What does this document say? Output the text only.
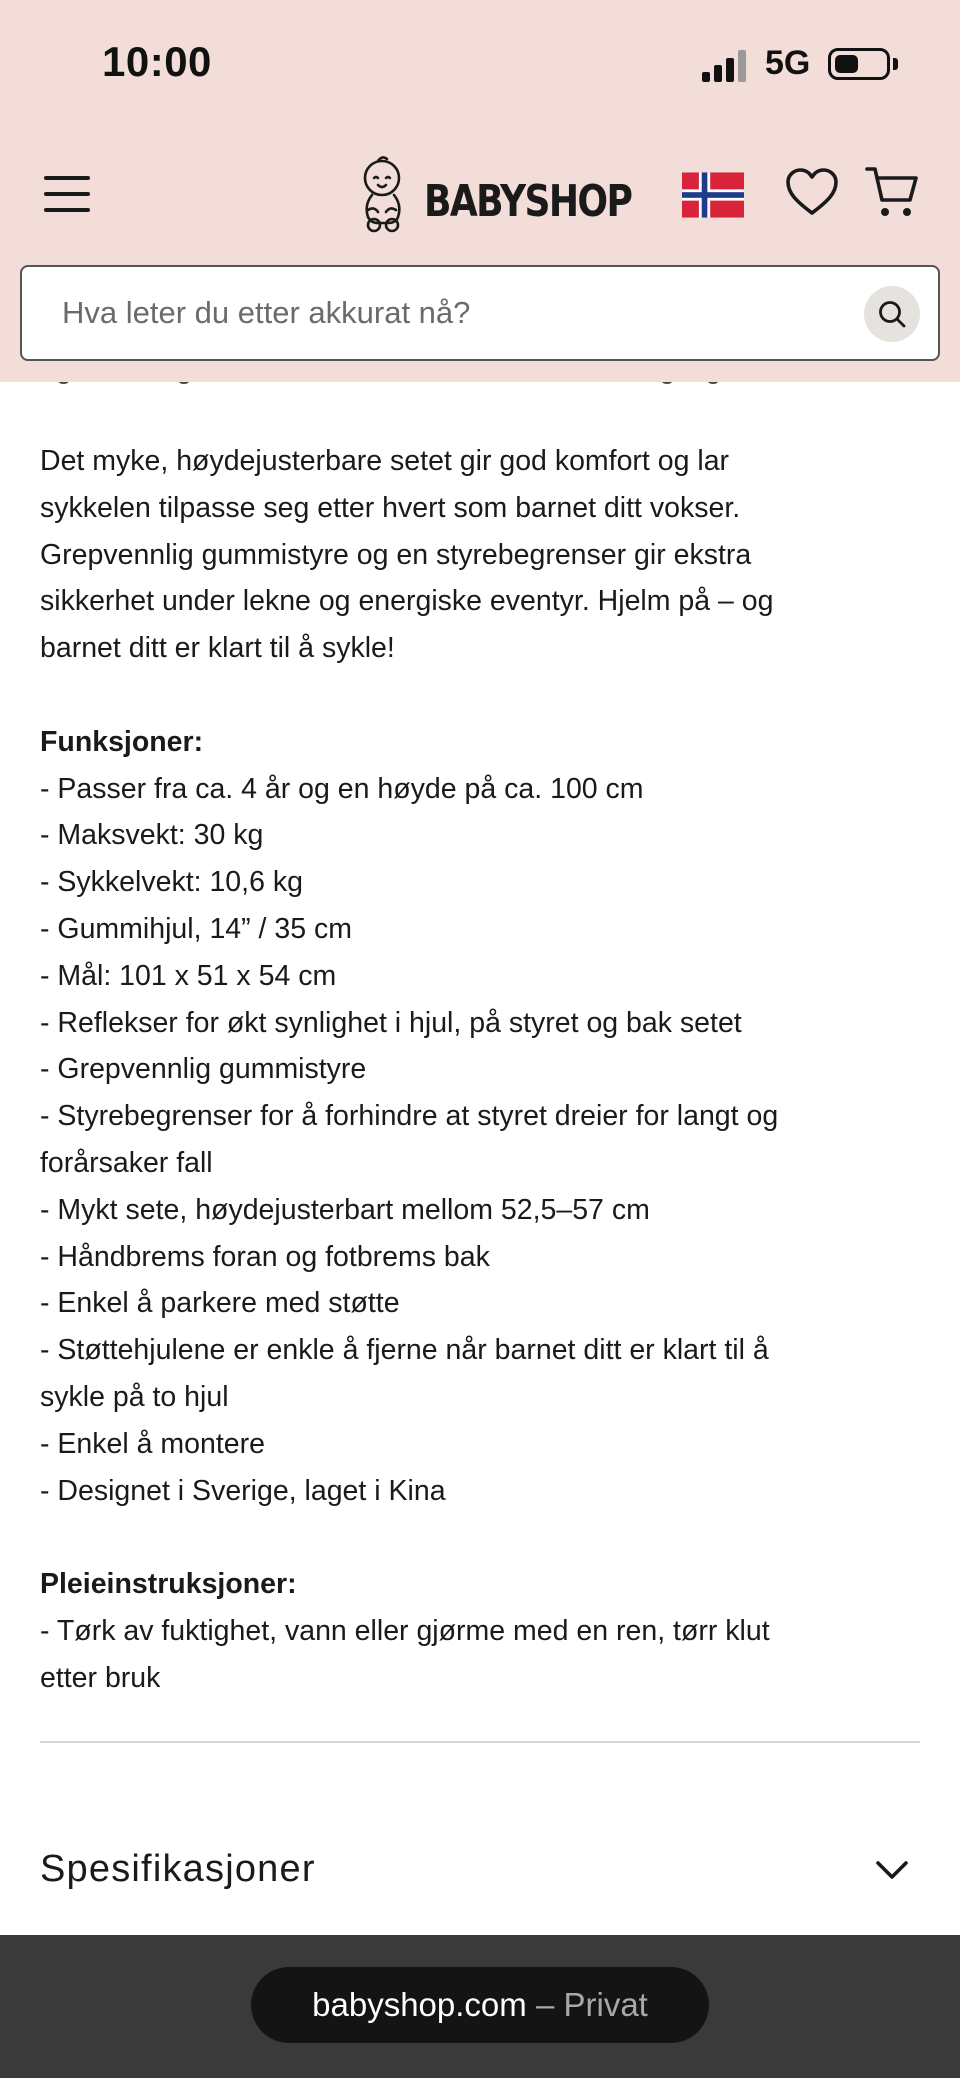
10:00	5G
BABYSHOP
Hva leter du etter akkurat nå?
Det myke, høydejusterbare setet gir god komfort og lar
sykkelen tilpasse seg etter hvert som barnet ditt vokser.
Grepvennlig gummistyre og en styrebegrenser gir ekstra
sikkerhet under lekne og energiske eventyr. Hjelm på – og
barnet ditt er klart til å sykle!
Funksjoner:
- Passer fra ca. 4 år og en høyde på ca. 100 cm
- Maksvekt: 30 kg
- Sykkelvekt: 10,6 kg
- Gummihjul, 14” / 35 cm
- Mål: 101 x 51 x 54 cm
- Reflekser for økt synlighet i hjul, på styret og bak setet
- Grepvennlig gummistyre
- Styrebegrenser for å forhindre at styret dreier for langt og
forårsaker fall
- Mykt sete, høydejusterbart mellom 52,5–57 cm
- Håndbrems foran og fotbrems bak
- Enkel å parkere med støtte
- Støttehjulene er enkle å fjerne når barnet ditt er klart til å
sykle på to hjul
- Enkel å montere
- Designet i Sverige, laget i Kina
Pleieinstruksjoner:
- Tørk av fuktighet, vann eller gjørme med en ren, tørr klut
etter bruk
Spesifikasjoner
babyshop.com – Privat
